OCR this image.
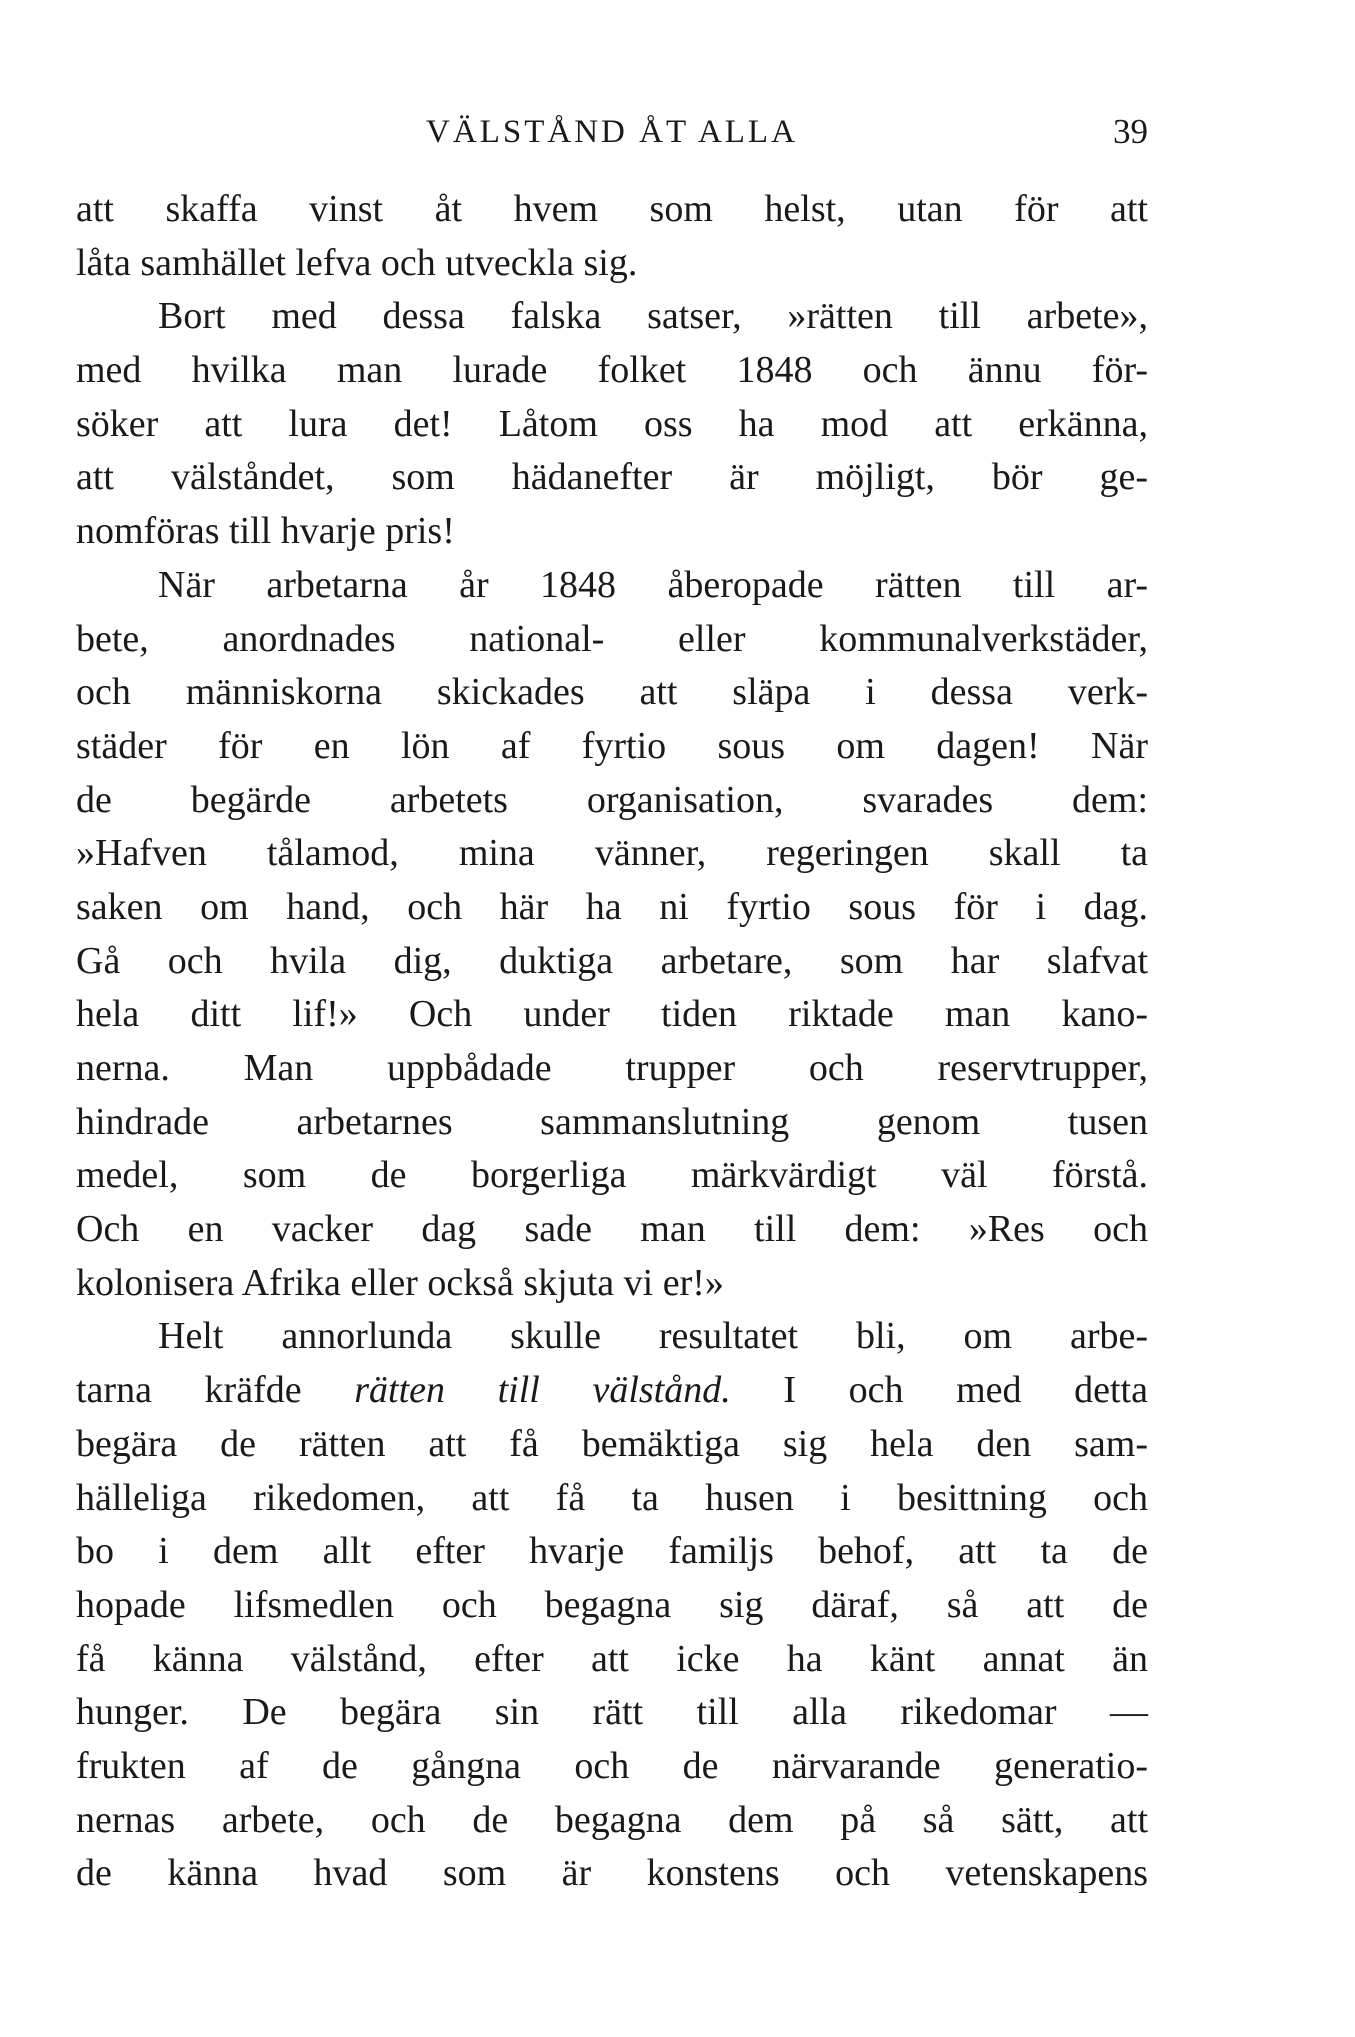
VÄLSTÅND ÅT ALLA	39
att skaffa vinst åt hvem som helst, utan för att
låta samhället lefva och utveckla sig.
Bort med dessa falska satser, »rätten till arbete»,
med hvilka man lurade folket 1848 och ännu för-
söker att lura det! Låtom oss ha mod att erkänna,
att välståndet, som hädanefter är möjligt, bör ge-
nomföras till hvarje pris!
När arbetarna år 1848 åberopade rätten till ar-
bete, anordnades national- eller kommunalverkstäder,
och människorna skickades att släpa i dessa verk-
städer för en lön af fyrtio sous om dagen! När
de begärde arbetets organisation, svarades dem:
»Hafven tålamod, mina vänner, regeringen skall ta
saken om hand, och här ha ni fyrtio sous för i dag.
Gå och hvila dig, duktiga arbetare, som har slafvat
hela ditt lif!» Och under tiden riktade man kano-
nerna. Man uppbådade trupper och reservtrupper,
hindrade arbetarnes sammanslutning genom tusen
medel, som de borgerliga märkvärdigt väl förstå.
Och en vacker dag sade man till dem: »Res och
kolonisera Afrika eller också skjuta vi er!»
Helt annorlunda skulle resultatet bli, om arbe-
tarna kräfde rätten till välstånd. I och med detta
begära de rätten att få bemäktiga sig hela den sam-
hälleliga rikedomen, att få ta husen i besittning och
bo i dem allt efter hvarje familjs behof, att ta de
hopade lifsmedlen och begagna sig däraf, så att de
få känna välstånd, efter att icke ha känt annat än
hunger. De begära sin rätt till alla rikedomar —
frukten af de gångna och de närvarande generatio-
nernas arbete, och de begagna dem på så sätt, att
de känna hvad som är konstens och vetenskapens
